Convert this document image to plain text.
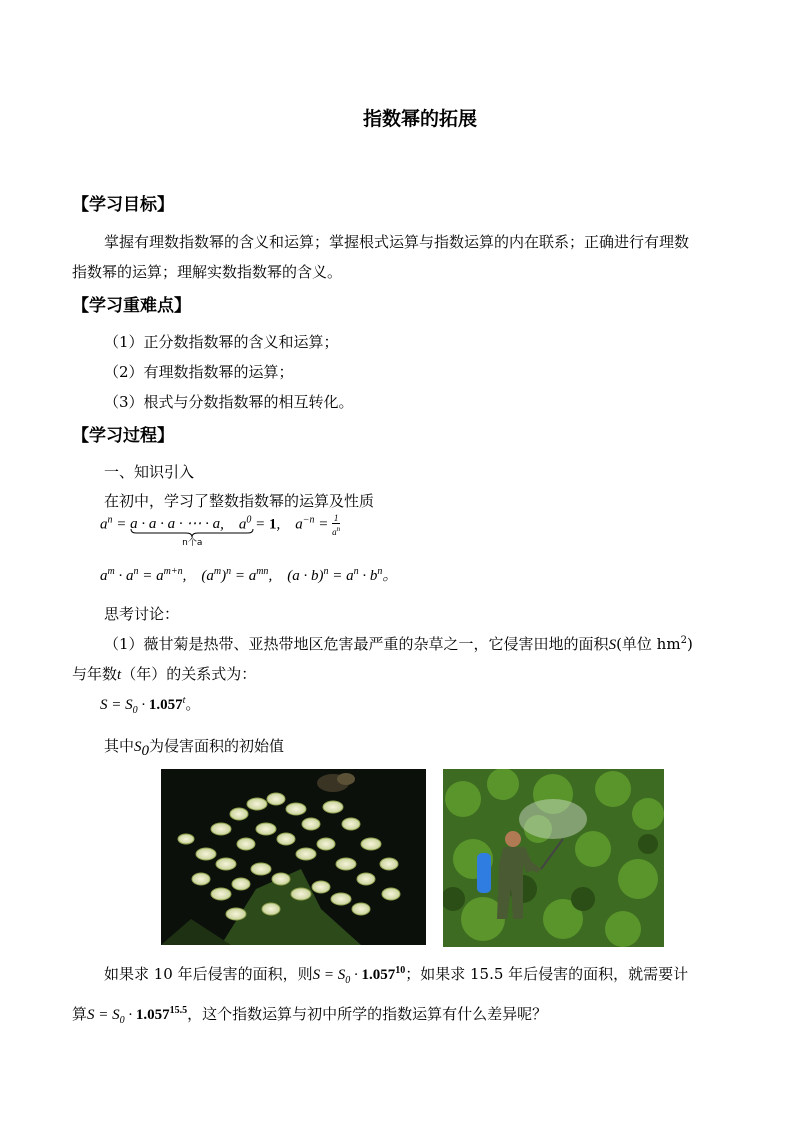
指数幂的拓展
【学习目标】
掌握有理数指数幂的含义和运算；掌握根式运算与指数运算的内在联系；正确进行有理数
指数幂的运算；理解实数指数幂的含义。
【学习重难点】
（1）正分数指数幂的含义和运算；
（2）有理数指数幂的运算；
（3）根式与分数指数幂的相互转化。
【学习过程】
一、知识引入
在初中，学习了整数指数幂的运算及性质
$a^n = a \cdot a \cdot a$ · ⋯ · a
n个a
,    $a^0 = 1$,    $a^{-n} = \frac{1}{a^n}$
$a^m \cdot a^n = a^{m+n}$,    $(a^m)^n = a^{mn}$,    $(a \cdot b)^n = a^n \cdot b^n$。
思考讨论：
（1）薇甘菊是热带、亚热带地区危害最严重的杂草之一，它侵害田地的面积S(单位 $hm^2$)
与年数t（年）的关系式为：
$S = S_0 \cdot 1.057^t$。
其中$S_0$为侵害面积的初始值
如果求 10 年后侵害的面积，则$S = S_0 \cdot 1.057^{10}$；如果求 15.5 年后侵害的面积，就需要计
算$S = S_0 \cdot 1.057^{15.5}$，这个指数运算与初中所学的指数运算有什么差异呢？
